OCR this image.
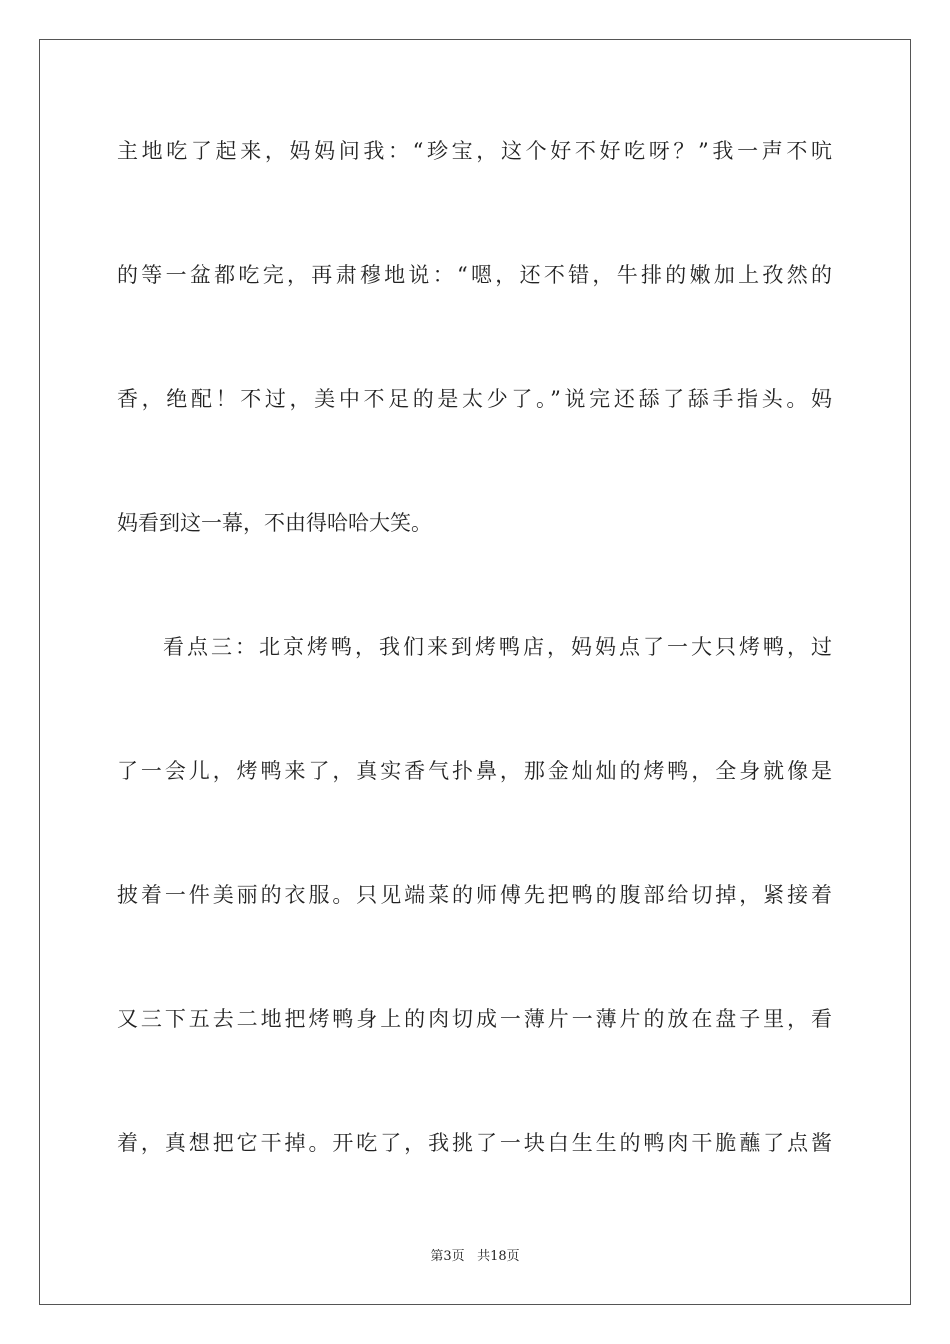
主地吃了起来，妈妈问我：“珍宝，这个好不好吃呀？”我一声不吭
的等一盆都吃完，再肃穆地说：“嗯，还不错，牛排的嫩加上孜然的
香，绝配！不过，美中不足的是太少了。”说完还舔了舔手指头。妈
妈看到这一幕，不由得哈哈大笑。
看点三：北京烤鸭，我们来到烤鸭店，妈妈点了一大只烤鸭，过
了一会儿，烤鸭来了，真实香气扑鼻，那金灿灿的烤鸭，全身就像是
披着一件美丽的衣服。只见端菜的师傅先把鸭的腹部给切掉，紧接着
又三下五去二地把烤鸭身上的肉切成一薄片一薄片的放在盘子里，看
着，真想把它干掉。开吃了，我挑了一块白生生的鸭肉干脆蘸了点酱
第3页 共18页
